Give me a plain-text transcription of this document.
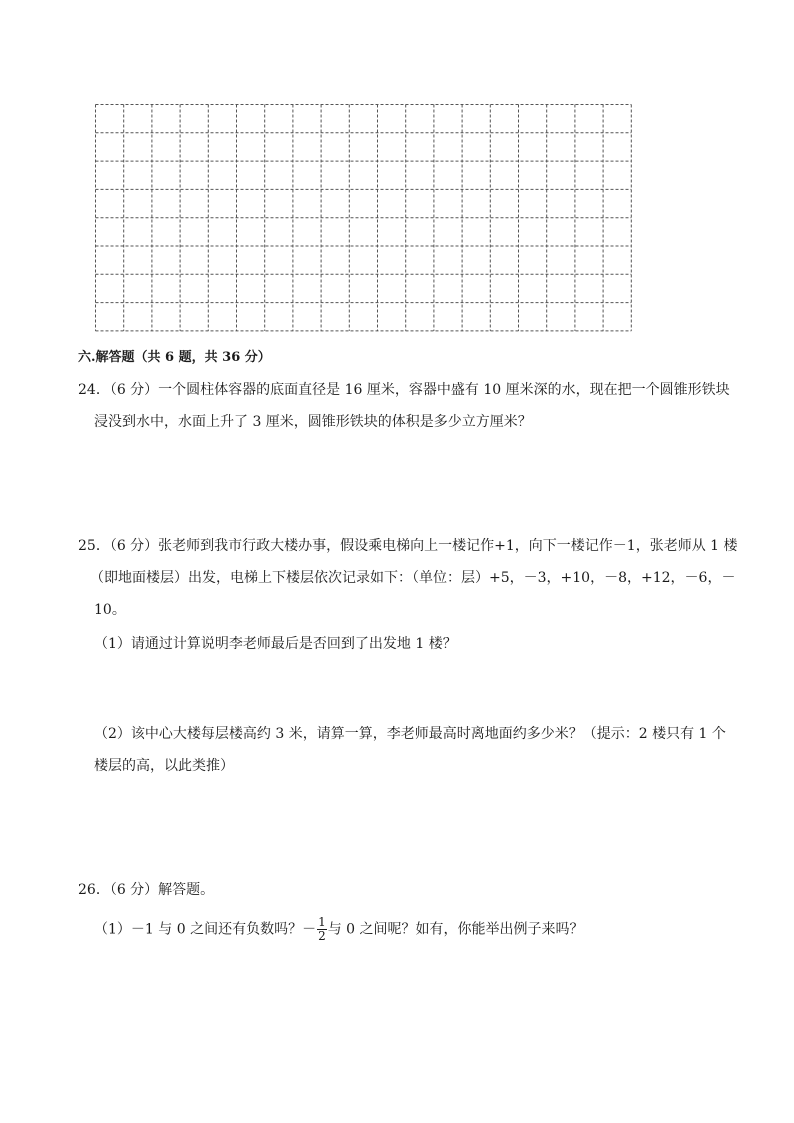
六.解答题（共 6 题，共 36 分）
24．（6 分）一个圆柱体容器的底面直径是 16 厘米，容器中盛有 10 厘米深的水，现在把一个圆锥形铁块
浸没到水中，水面上升了 3 厘米，圆锥形铁块的体积是多少立方厘米？
25．（6 分）张老师到我市行政大楼办事，假设乘电梯向上一楼记作+1，向下一楼记作－1，张老师从 1 楼
（即地面楼层）出发，电梯上下楼层依次记录如下：（单位：层）+5，－3，+10，－8，+12，－6，－
10。
（1）请通过计算说明李老师最后是否回到了出发地 1 楼？
（2）该中心大楼每层楼高约 3 米，请算一算，李老师最高时离地面约多少米？（提示：2 楼只有 1 个
楼层的高，以此类推）
26．（6 分）解答题。
（1）－1 与 0 之间还有负数吗？－ $\frac{1}{2}$ 与 0 之间呢？如有，你能举出例子来吗？
